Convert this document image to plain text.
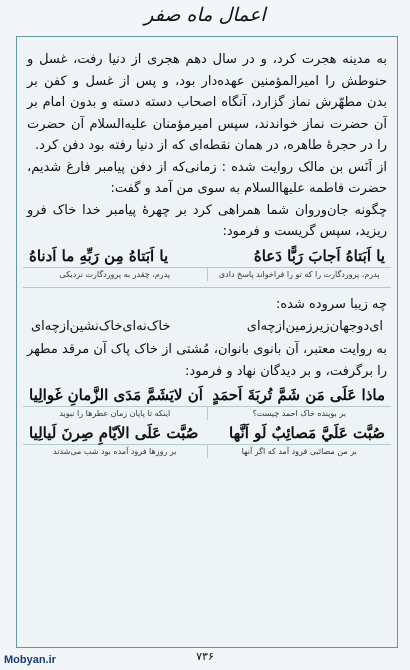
اعمال ماه صفر

به مدینه هجرت کرد، و در سال دهم هجری از دنیا رفت، غسل و حنوطش را امیرالمؤمنین عهده‌دار بود، و پس از غسل و کفن بر بدن مطهّرش نماز گزارد، آنگاه اصحاب دسته دسته و بدون امام بر آن حضرت نماز خواندند، سپس امیرمؤمنان علیه‌السلام آن حضرت را در حجرهٔ طاهره، در همان نقطه‌ای که از دنیا رفته بود دفن کرد.

از اَنَس بن مالک روایت شده : زمانی‌که از دفن پیامبر فارغ شدیم، حضرت فاطمه علیهاالسلام به سوی من آمد و گفت:

چگونه جان‌وروان شما همراهی کرد بر چهرهٔ پیامبر خدا خاک فرو ریزید، سپس گریست و فرمود:

یا اَبَتاهُ اَجابَ رَبًّا دَعاهُ
یا اَبَتاهُ مِن رَبِّهِ ما اَدناهُ
پدرم، پروردگارت را که تو را فراخواند پاسخ دادی
پدرم، چقدر به پروردگارت نزدیکی

چه زیبا سروده شده:

ای‌دوجهان‌زیرزمین‌ازچه‌ای
خاک‌نه‌ای‌خاک‌نشین‌ازچه‌ای

به روایت معتبر، آن بانوی بانوان، مُشتی از خاک پاک آن مرقد مطهر را برگرفت، و بر دیدگان نهاد و فرمود:

ماذا عَلَى مَن شَمَّ تُربَةَ اَحمَدٍ
اَن لايَشَمَّ مَدَى الزَّمانِ غَوالِيا
بر بوینده خاک احمد چیست؟
اینکه تا پایان زمان عطرها را نبوید
صُبَّت عَلَيَّ مَصائِبٌ لَو اَنَّها
صُبَّت عَلَى الاَيّامِ صِرنَ لَيالِيا
بر من مصائبی فرود آمد که اگر آنها
بر روزها فرود آمده بود شب می‌شدند
Mobyan.ir	۷۳۶
